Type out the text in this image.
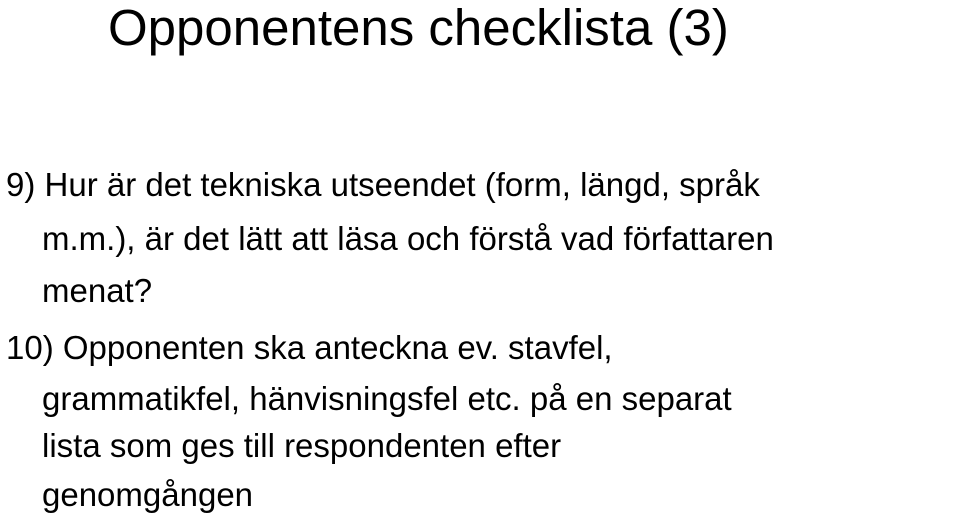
Opponentens checklista (3)
9) Hur är det tekniska utseendet (form, längd, språk
m.m.), är det lätt att läsa och förstå vad författaren
menat?
10) Opponenten ska anteckna ev. stavfel,
grammatikfel, hänvisningsfel etc. på en separat
lista som ges till respondenten efter
genomgången
